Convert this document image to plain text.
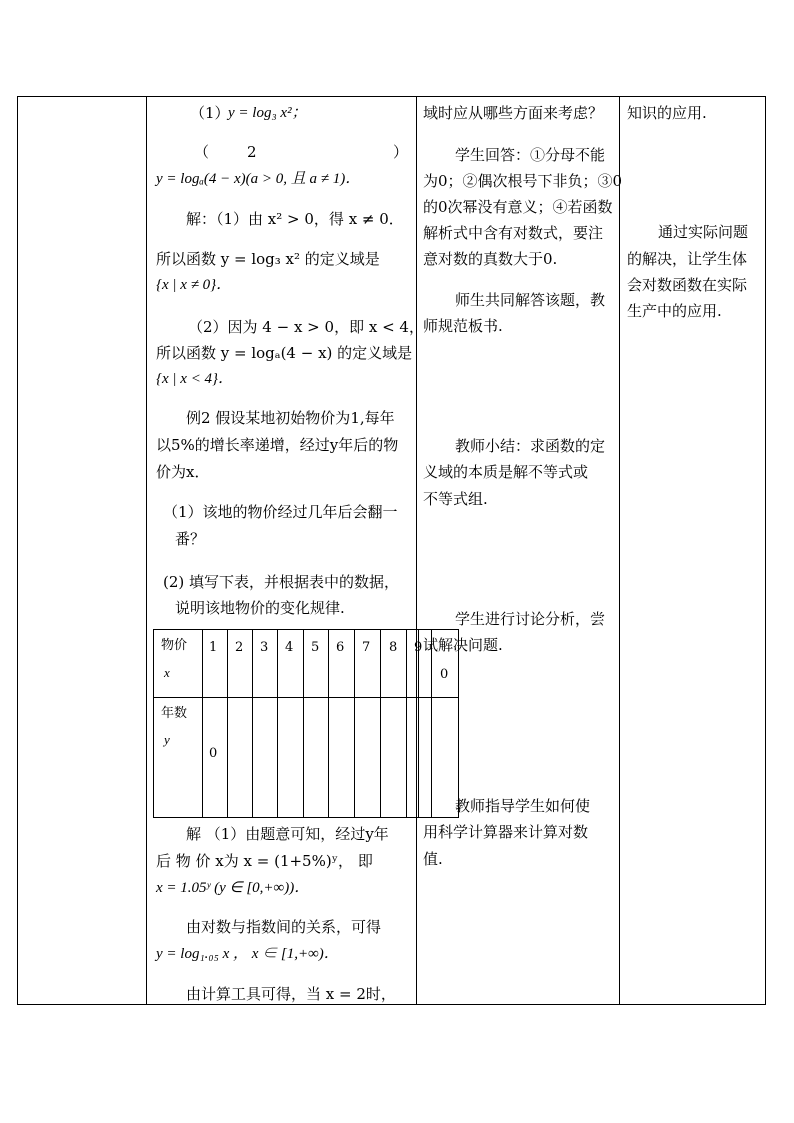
（1）
y = log₃ x²；
（	2	）
y = logₐ(4 − x)(a > 0, 且 a ≠ 1)．
解：（1）由 x² > 0，得 x ≠ 0．
所以函数 y = log₃ x² 的定义域是
{x | x ≠ 0}．
（2）因为 4 − x > 0，即 x < 4，
所以函数 y = logₐ(4 − x) 的定义域是
{x | x < 4}．
例2 假设某地初始物价为1,每年
以5%的增长率递增，经过y年后的物
价为x．
（1）该地的物价经过几年后会翻一
番？
(2) 填写下表，并根据表中的数据，
说明该地物价的变化规律.
物价
x
1 2 3 4 5 6 7 8 9
0
年数
y
0
解 （1）由题意可知，经过y年
后 物 价 x为 x = (1+5%)ʸ， 即
x = 1.05ʸ (y ∈ [0,+∞))．
由对数与指数间的关系，可得
y = log₁.₀₅ x ， x ∈ [1,+∞)．
由计算工具可得，当 x = 2时，
域时应从哪些方面来考虑？
学生回答：①分母不能
为0；②偶次根号下非负；③0
的0次幂没有意义；④若函数
解析式中含有对数式，要注
意对数的真数大于0.
师生共同解答该题，教
师规范板书.
教师小结：求函数的定
义域的本质是解不等式或
不等式组.
学生进行讨论分析，尝
试解决问题.
教师指导学生如何使
用科学计算器来计算对数
值.
知识的应用.
通过实际问题
的解决，让学生体
会对数函数在实际
生产中的应用.
